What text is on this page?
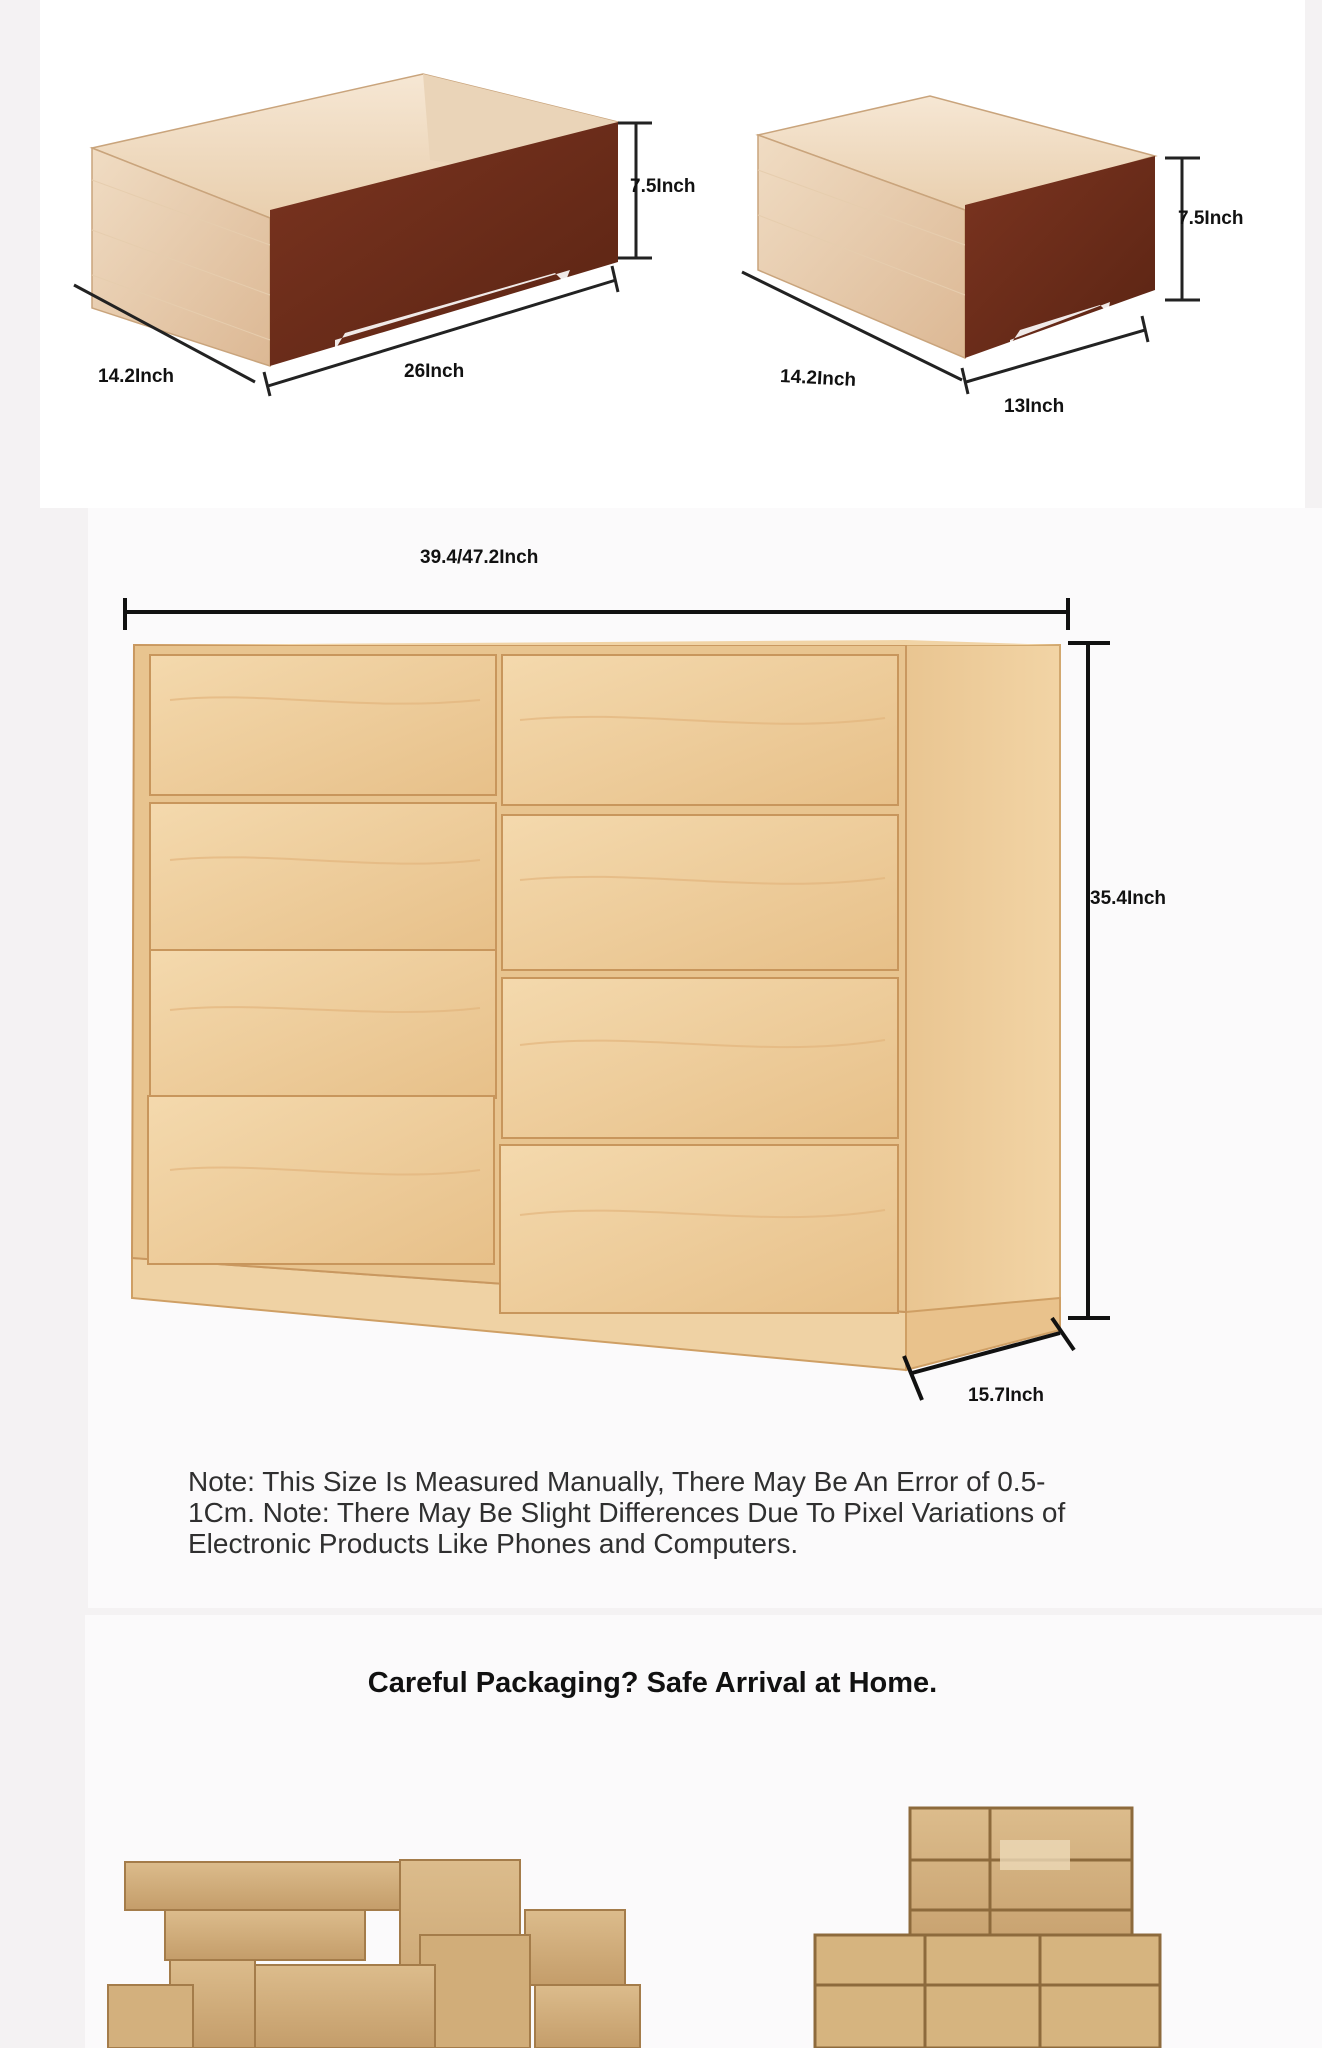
7.5Inch
26Inch
14.2Inch
7.5Inch
13Inch
14.2Inch
39.4/47.2Inch
35.4Inch
15.7Inch
Note: This Size Is Measured Manually, There May Be An Error of 0.5-1Cm. Note: There May Be Slight Differences Due To Pixel Variations of Electronic Products Like Phones and Computers.
Careful Packaging? Safe Arrival at Home.
